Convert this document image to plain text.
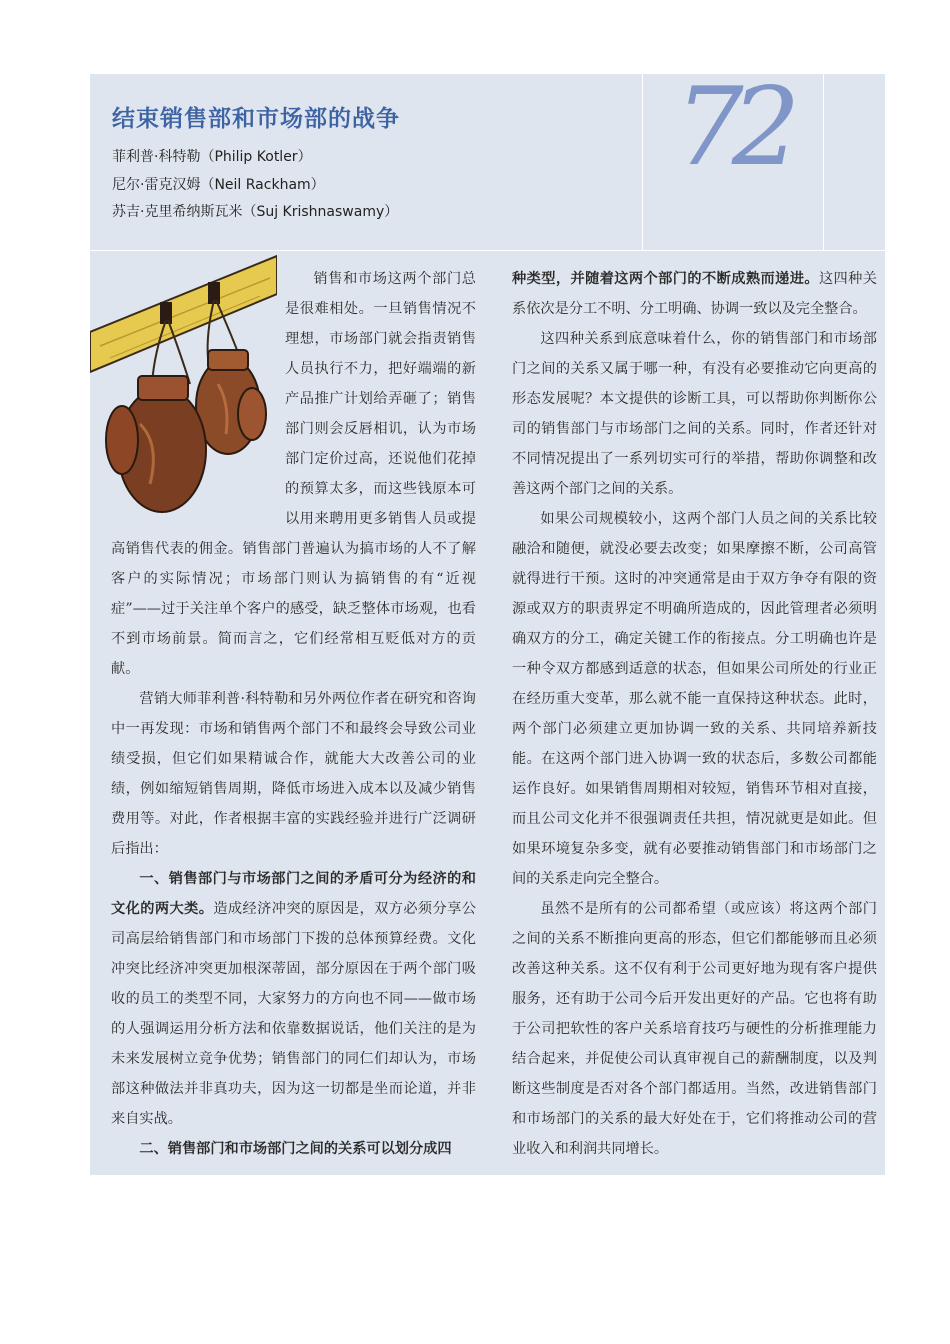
结束销售部和市场部的战争
菲利普·科特勒（Philip Kotler）
尼尔·雷克汉姆（Neil Rackham）
苏吉·克里希纳斯瓦米（Suj Krishnaswamy）
72

销售和市场这两个部门总是很难相处。一旦销售情况不理想，市场部门就会指责销售人员执行不力，把好端端的新产品推广计划给弄砸了；销售部门则会反唇相讥，认为市场部门定价过高，还说他们花掉的预算太多，而这些钱原本可以用来聘用更多销售人员或提高销售代表的佣金。销售部门普遍认为搞市场的人不了解客户的实际情况；市场部门则认为搞销售的有“近视症”——过于关注单个客户的感受，缺乏整体市场观，也看不到市场前景。简而言之，它们经常相互贬低对方的贡献。

营销大师菲利普·科特勒和另外两位作者在研究和咨询中一再发现：市场和销售两个部门不和最终会导致公司业绩受损，但它们如果精诚合作，就能大大改善公司的业绩，例如缩短销售周期，降低市场进入成本以及减少销售费用等。对此，作者根据丰富的实践经验并进行广泛调研后指出：

一、销售部门与市场部门之间的矛盾可分为经济的和文化的两大类。造成经济冲突的原因是，双方必须分享公司高层给销售部门和市场部门下拨的总体预算经费。文化冲突比经济冲突更加根深蒂固，部分原因在于两个部门吸收的员工的类型不同，大家努力的方向也不同——做市场的人强调运用分析方法和依靠数据说话，他们关注的是为未来发展树立竞争优势；销售部门的同仁们却认为，市场部这种做法并非真功夫，因为这一切都是坐而论道，并非来自实战。

二、销售部门和市场部门之间的关系可以划分成四

种类型，并随着这两个部门的不断成熟而递进。这四种关系依次是分工不明、分工明确、协调一致以及完全整合。

这四种关系到底意味着什么，你的销售部门和市场部门之间的关系又属于哪一种，有没有必要推动它向更高的形态发展呢？本文提供的诊断工具，可以帮助你判断你公司的销售部门与市场部门之间的关系。同时，作者还针对不同情况提出了一系列切实可行的举措，帮助你调整和改善这两个部门之间的关系。

如果公司规模较小，这两个部门人员之间的关系比较融洽和随便，就没必要去改变；如果摩擦不断，公司高管就得进行干预。这时的冲突通常是由于双方争夺有限的资源或双方的职责界定不明确所造成的，因此管理者必须明确双方的分工，确定关键工作的衔接点。分工明确也许是一种令双方都感到适意的状态，但如果公司所处的行业正在经历重大变革，那么就不能一直保持这种状态。此时，两个部门必须建立更加协调一致的关系、共同培养新技能。在这两个部门进入协调一致的状态后，多数公司都能运作良好。如果销售周期相对较短，销售环节相对直接，而且公司文化并不很强调责任共担，情况就更是如此。但如果环境复杂多变，就有必要推动销售部门和市场部门之间的关系走向完全整合。

虽然不是所有的公司都希望（或应该）将这两个部门之间的关系不断推向更高的形态，但它们都能够而且必须改善这种关系。这不仅有利于公司更好地为现有客户提供服务，还有助于公司今后开发出更好的产品。它也将有助于公司把软性的客户关系培育技巧与硬性的分析推理能力结合起来，并促使公司认真审视自己的薪酬制度，以及判断这些制度是否对各个部门都适用。当然，改进销售部门和市场部门的关系的最大好处在于，它们将推动公司的营业收入和利润共同增长。
